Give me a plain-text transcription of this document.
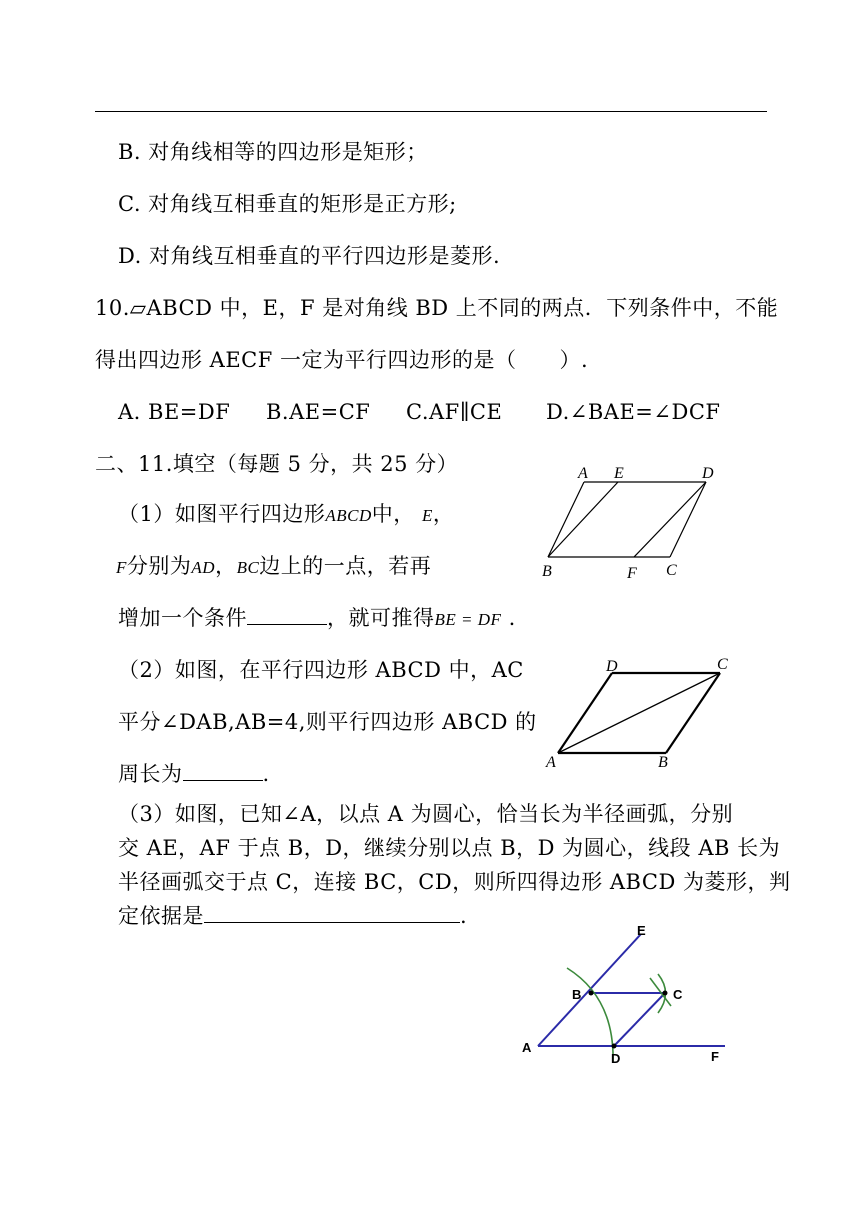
B. 对角线相等的四边形是矩形；
C. 对角线互相垂直的矩形是正方形;
D. 对角线互相垂直的平行四边形是菱形.
10.▱ABCD 中，E，F 是对角线 BD 上不同的两点．下列条件中，不能
得出四边形 AECF 一定为平行四边形的是（　　）.
A. BE=DF B.AE=CF C.AF∥CE D.∠BAE=∠DCF
二、11.填空（每题 5 分，共 25 分）
（1）如图平行四边形ABCD中， E，
F分别为AD，BC边上的一点，若再
增加一个条件	，就可推得BE = DF .
A E	D
B	F C
（2）如图，在平行四边形 ABCD 中，AC
平分∠DAB,AB=4,则平行四边形 ABCD 的
周长为	.
D	C
A	B
（3）如图，已知∠A，以点 A 为圆心，恰当长为半径画弧，分别
交 AE，AF 于点 B，D，继续分别以点 B，D 为圆心，线段 AB 长为
半径画弧交于点 C，连接 BC，CD，则所四得边形 ABCD 为菱形，判
定依据是	.
E
B	C
A
D	F
